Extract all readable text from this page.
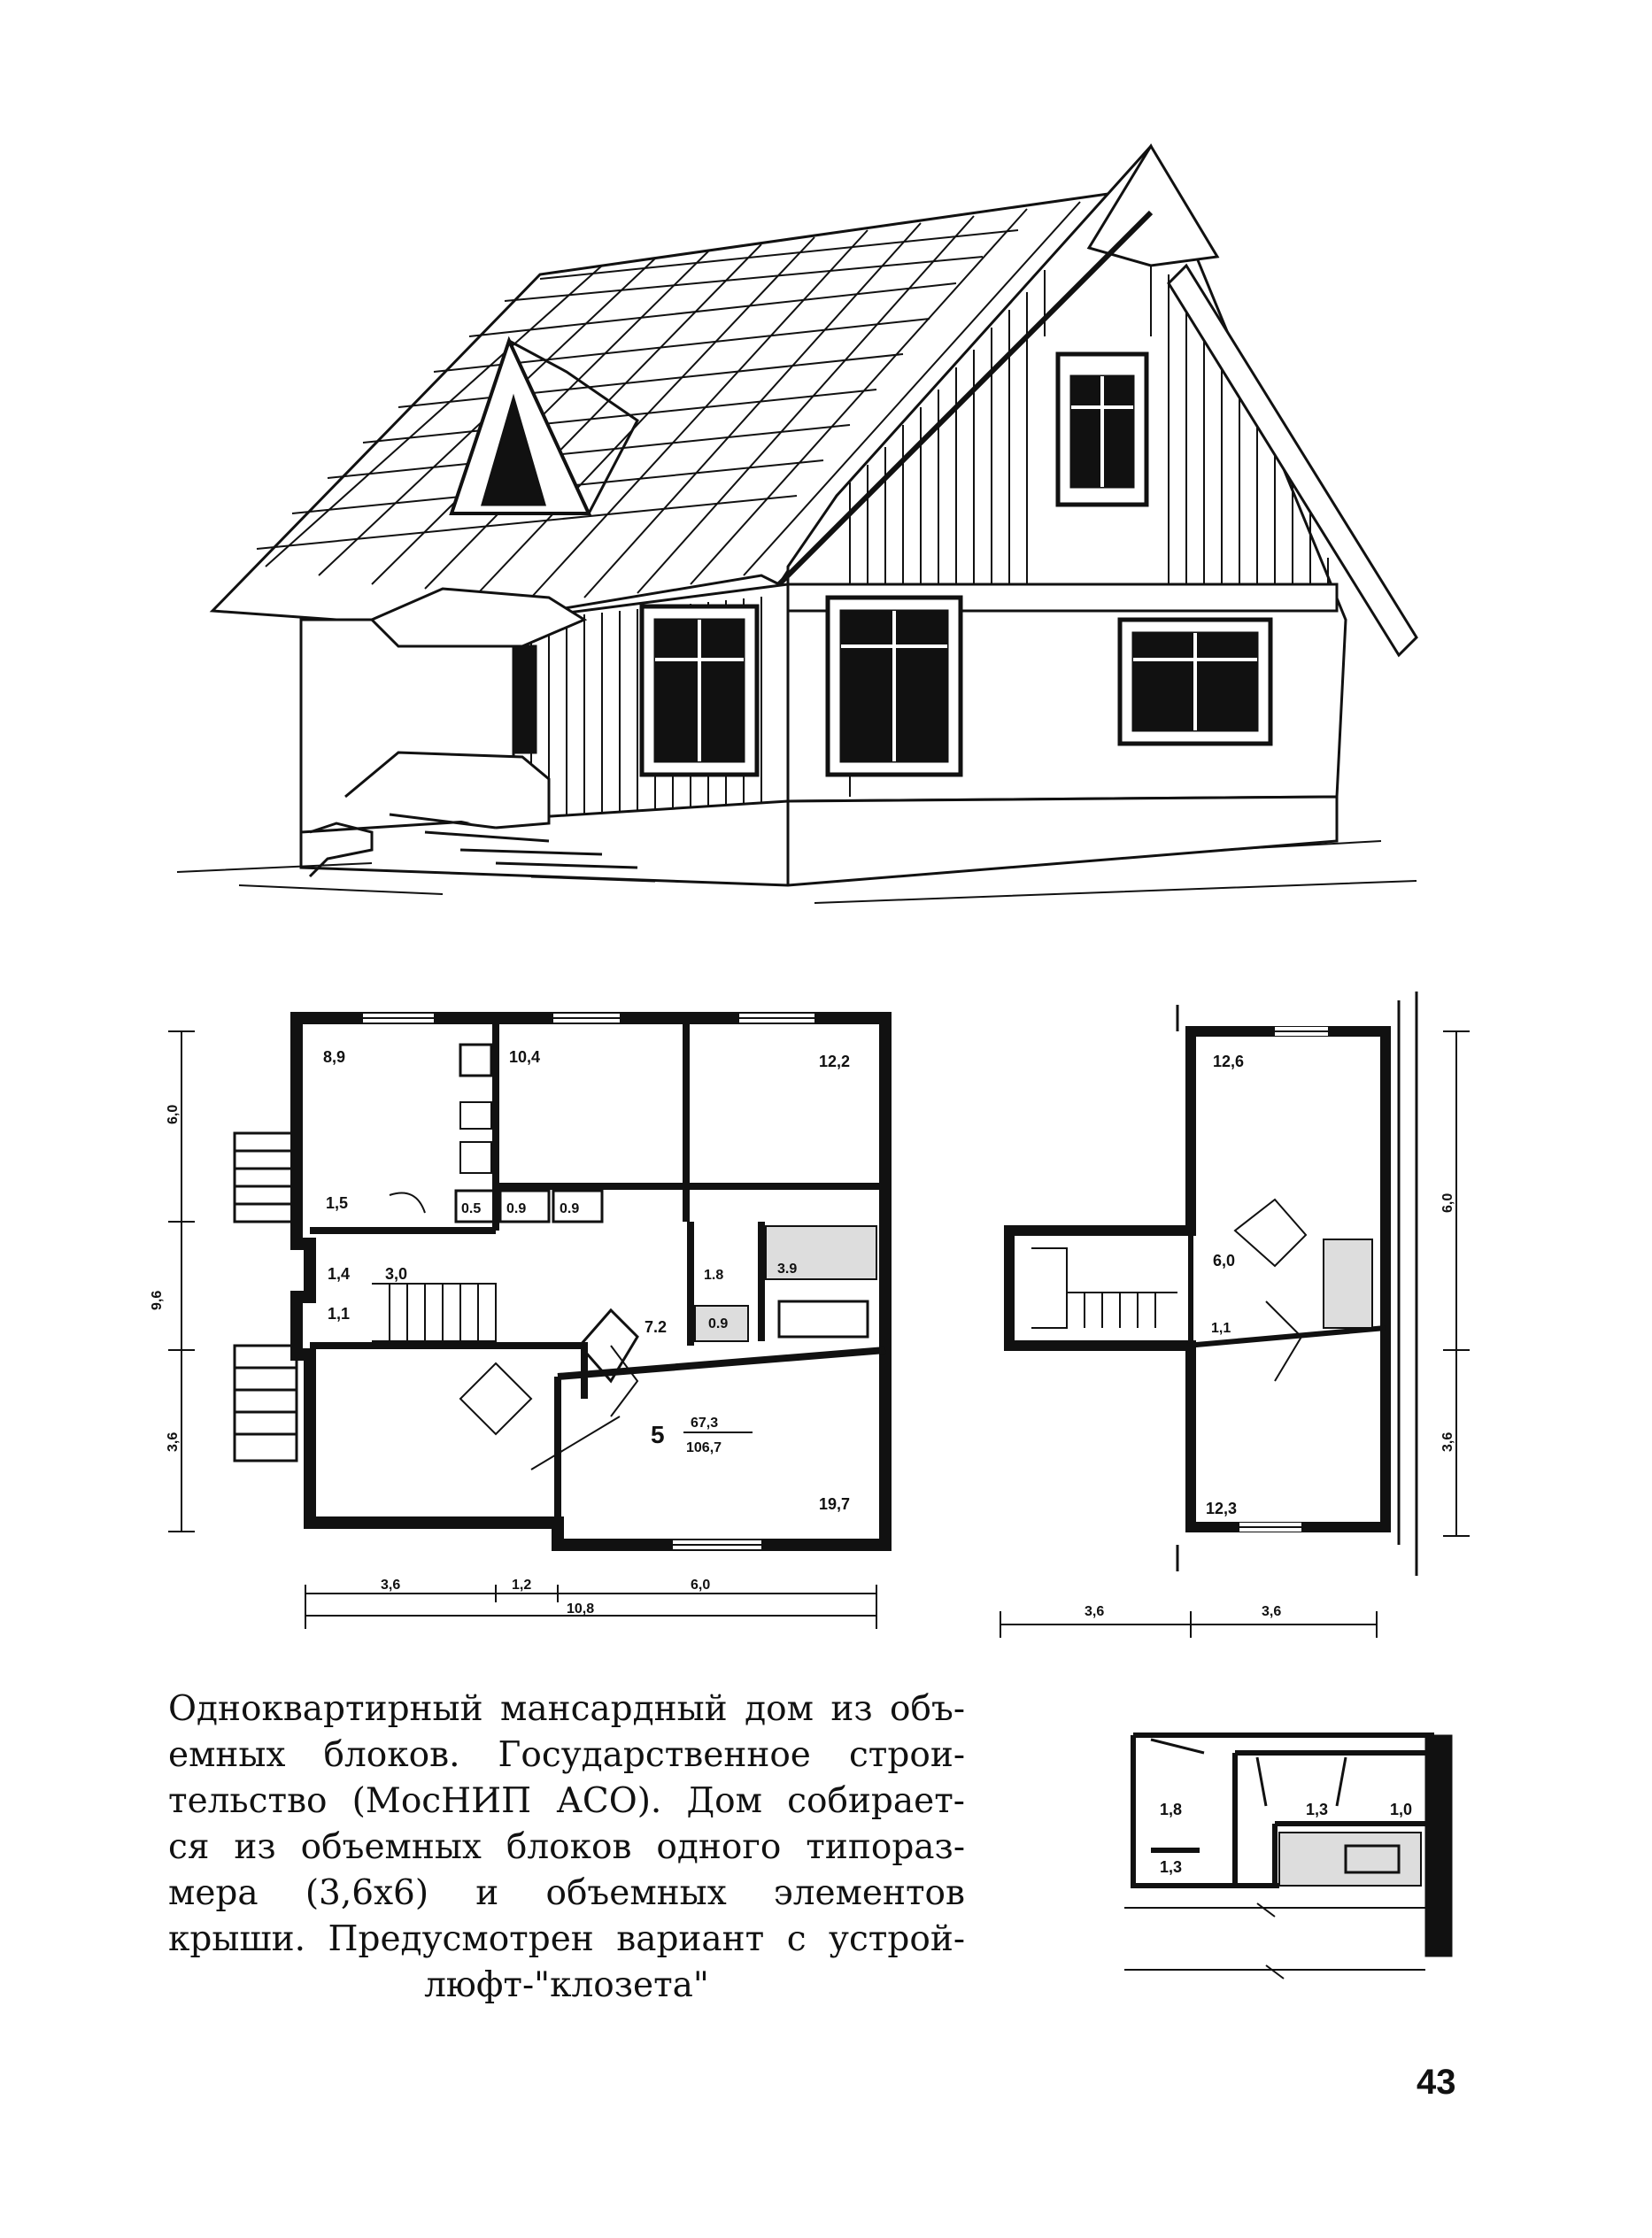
8,9	10,4	12,2
1,5	0.5 0.9 0.9
1,4 3,0
1,1
1.8	3.9
0.9
7.2
19,7
5 67,3
106,7
3,6	1,2	6,0
10,8
6,0
9,6
3,6
12,6
6,0
1,1
12,3
3,6	3,6
6,0
3,6
1,8
1,3
1,3	1,0
Одноквартирный мансардный дом из объ-
емных блоков. Государственное строи-
тельство (МосНИП АСО). Дом собирает-
ся из объемных блоков одного типораз-
мера (3,6х6) и объемных элементов
крыши. Предусмотрен вариант с устрой-
люфт-"клозета"
43
